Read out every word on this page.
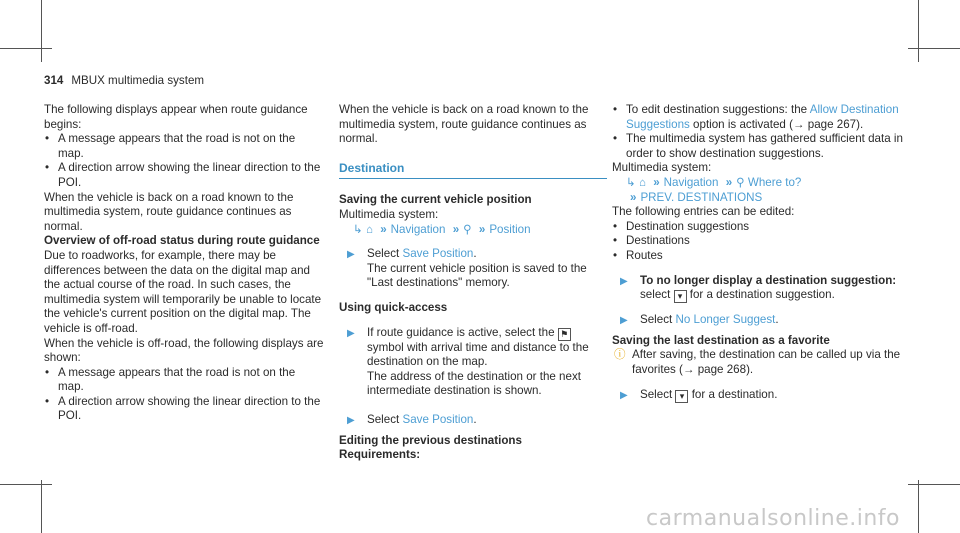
314 MBUX multimedia system

The following displays appear when route guidance begins:

• A message appears that the road is not on the map.

• A direction arrow showing the linear direction to the POI.

When the vehicle is back on a road known to the multimedia system, route guidance continues as normal.

Overview of off-road status during route guidance

Due to roadworks, for example, there may be differences between the data on the digital map and the actual course of the road. In such cases, the multimedia system will temporarily be unable to locate the vehicle's current position on the digital map. The vehicle is off-road.

When the vehicle is off-road, the following displays are shown:

• A message appears that the road is not on the map.

• A direction arrow showing the linear direction to the POI.

When the vehicle is back on a road known to the multimedia system, route guidance continues as normal.

Destination

Saving the current vehicle position

Multimedia system:

↳ ⌂ » Navigation » ⚲ » Position

▶ Select Save Position.

The current vehicle position is saved to the "Last destinations" memory.

Using quick-access

▶ If route guidance is active, select the ⚑

symbol with arrival time and distance to the destination on the map.

The address of the destination or the next intermediate destination is shown.

▶ Select Save Position.

Editing the previous destinations

Requirements:

• To edit destination suggestions: the Allow Destination Suggestions option is activated (→ page 267).

• The multimedia system has gathered sufficient data in order to show destination suggestions.

Multimedia system:

↳ ⌂ » Navigation » ⚲ Where to?

» PREV. DESTINATIONS

The following entries can be edited:

• Destination suggestions

• Destinations

• Routes

▶ To no longer display a destination suggestion: select ▾ for a destination suggestion.

▶ Select No Longer Suggest.

Saving the last destination as a favorite

ⓘ After saving, the destination can be called up via the favorites (→ page 268).

▶ Select ▾ for a destination.

carmanualsonline.info
